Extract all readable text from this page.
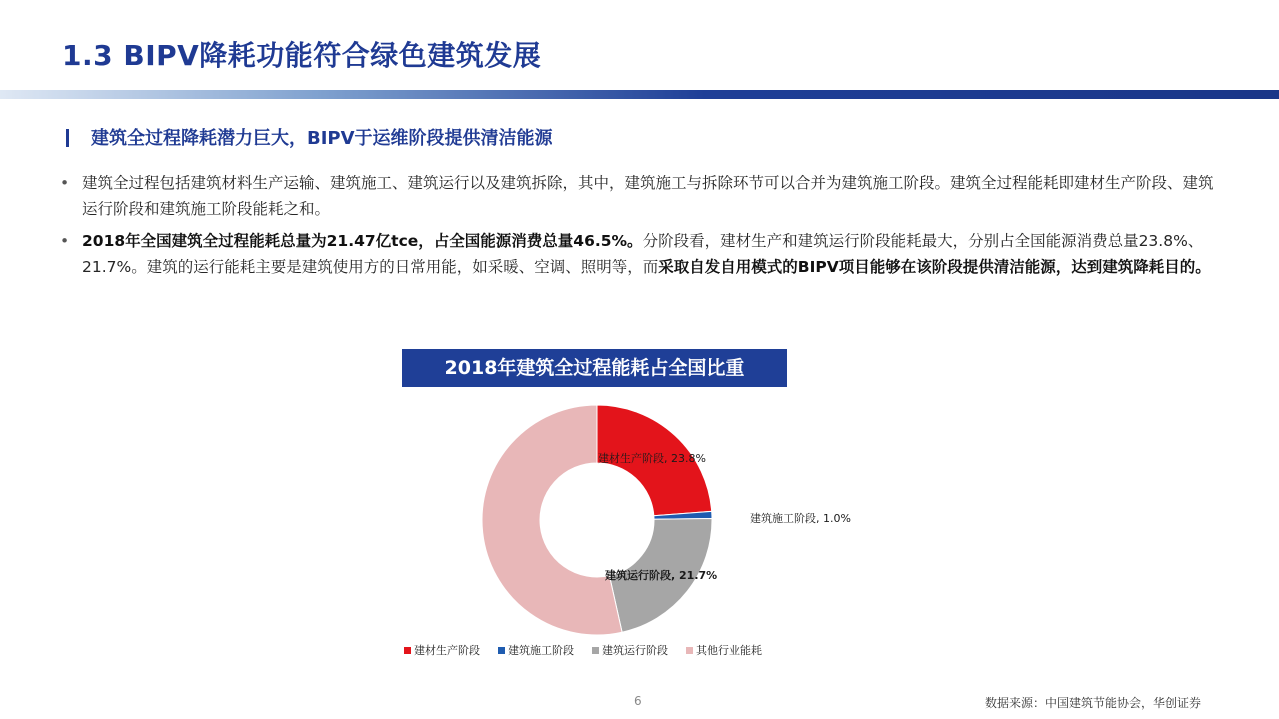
1.3 BIPV降耗功能符合绿色建筑发展
建筑全过程降耗潜力巨大，BIPV于运维阶段提供清洁能源
• 建筑全过程包括建筑材料生产运输、建筑施工、建筑运行以及建筑拆除，其中，建筑施工与拆除环节可以合并为建筑施工阶段。建筑全过程能耗即建材生产阶段、建筑运行阶段和建筑施工阶段能耗之和。
• 2018年全国建筑全过程能耗总量为21.47亿tce，占全国能源消费总量46.5%。分阶段看，建材生产和建筑运行阶段能耗最大，分别占全国能源消费总量23.8%、21.7%。建筑的运行能耗主要是建筑使用方的日常用能，如采暖、空调、照明等，而采取自发自用模式的BIPV项目能够在该阶段提供清洁能源，达到建筑降耗目的。
2018年建筑全过程能耗占全国比重
建材生产阶段, 23.8%
建筑施工阶段, 1.0%
建筑运行阶段, 21.7%
建材生产阶段	建筑施工阶段	建筑运行阶段	其他行业能耗
6	数据来源：中国建筑节能协会，华创证券
